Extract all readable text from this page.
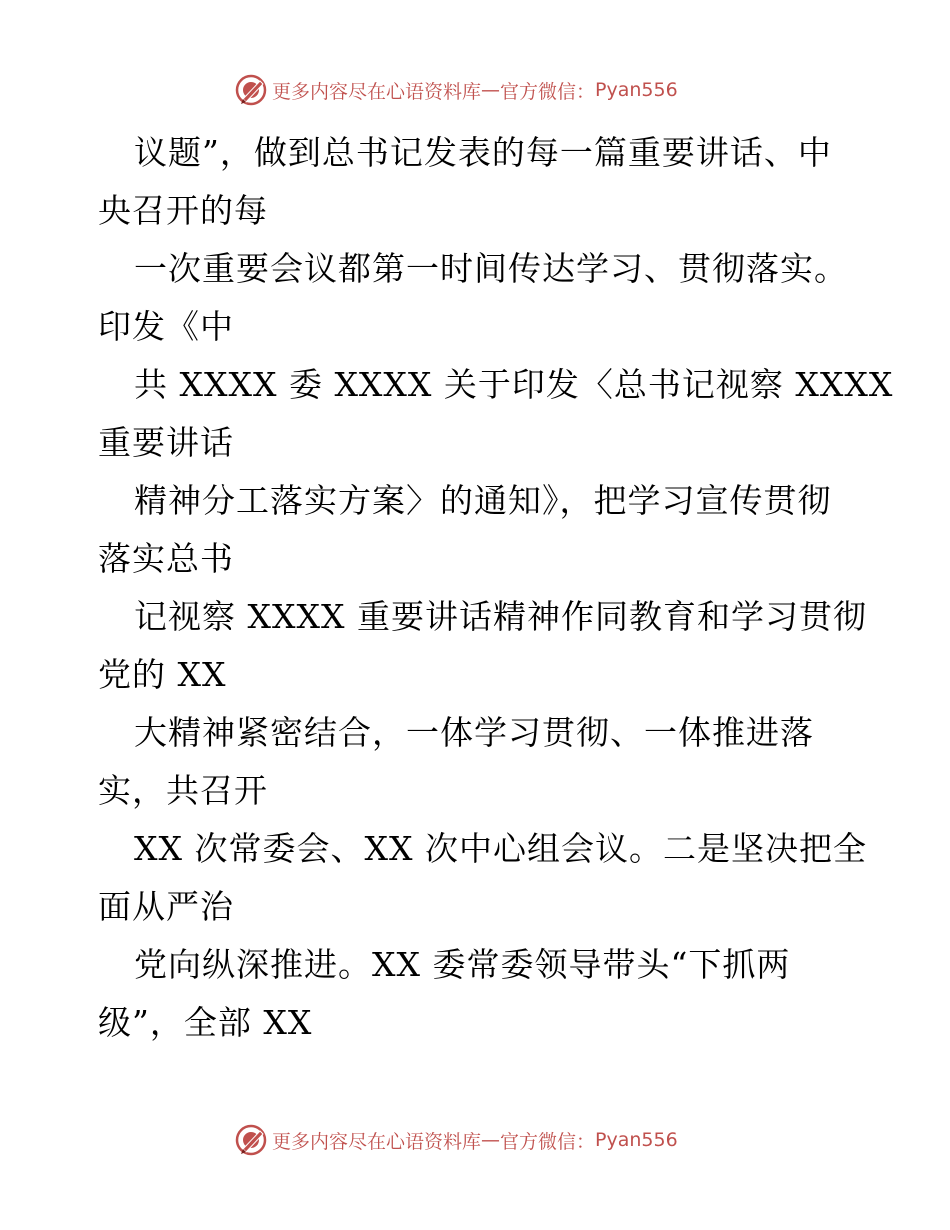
更多内容尽在心语资料库 — 官方微信： Pyan556
议题”，做到总书记发表的每一篇重要讲话、中
央召开的每
一次重要会议都第一时间传达学习、贯彻落实。
印发《中
共 XXXX 委 XXXX 关于印发〈总书记视察 XXXX
重要讲话
精神分工落实方案〉的通知》，把学习宣传贯彻
落实总书
记视察 XXXX 重要讲话精神作同教育和学习贯彻
党的 XX
大精神紧密结合，一体学习贯彻、一体推进落
实，共召开
XX 次常委会、XX 次中心组会议。二是坚决把全
面从严治
党向纵深推进。XX 委常委领导带头“下抓两
级”，全部 XX
更多内容尽在心语资料库 — 官方微信： Pyan556
